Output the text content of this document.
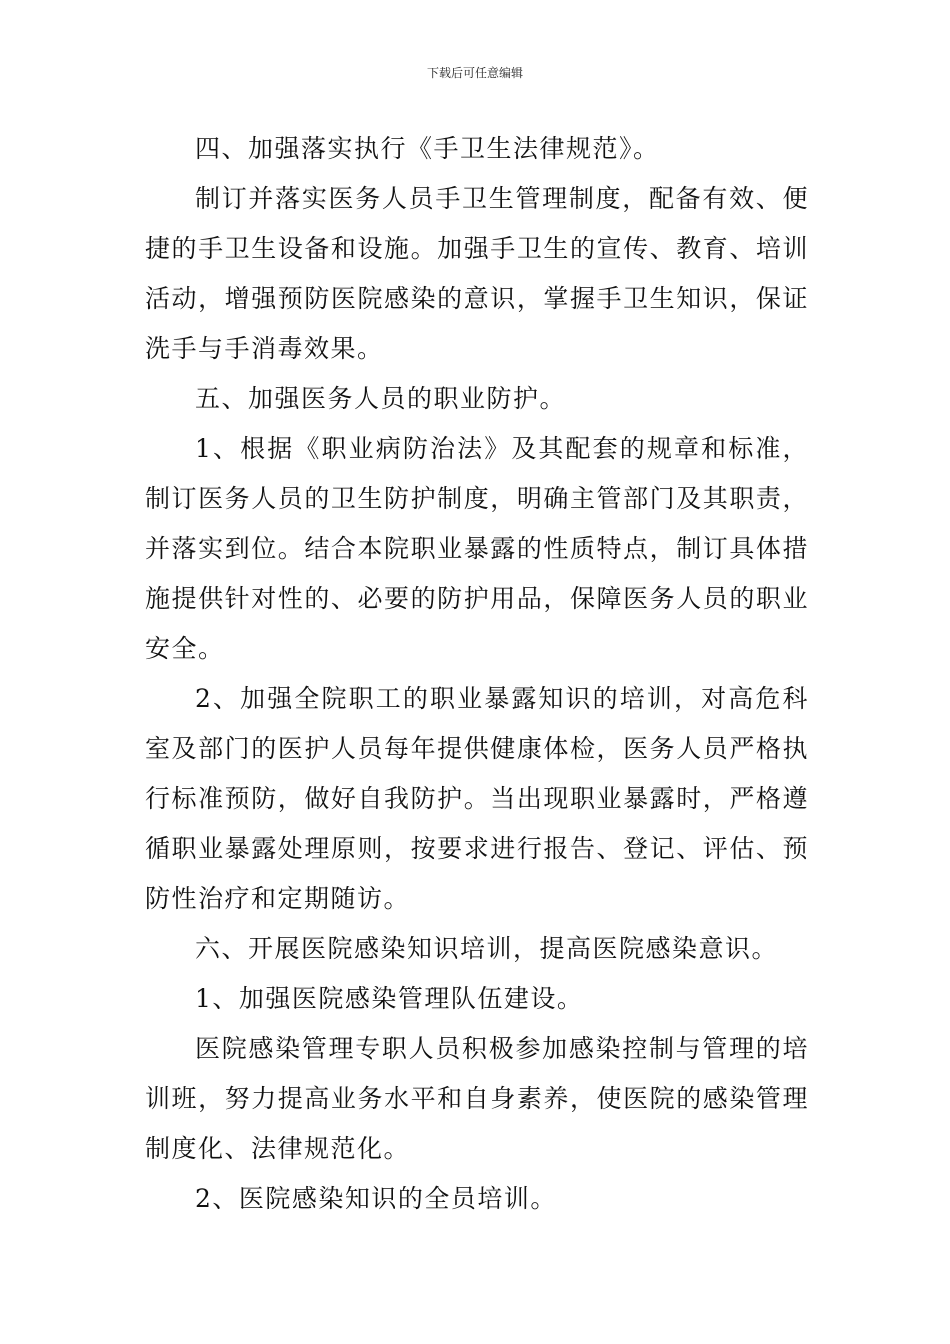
下载后可任意编辑

四、加强落实执行《手卫生法律规范》。

制订并落实医务人员手卫生管理制度，配备有效、便捷的手卫生设备和设施。加强手卫生的宣传、教育、培训活动，增强预防医院感染的意识，掌握手卫生知识，保证洗手与手消毒效果。

五、加强医务人员的职业防护。

1、根据《职业病防治法》及其配套的规章和标准，制订医务人员的卫生防护制度，明确主管部门及其职责，并落实到位。结合本院职业暴露的性质特点，制订具体措施提供针对性的、必要的防护用品，保障医务人员的职业安全。

2、加强全院职工的职业暴露知识的培训，对高危科室及部门的医护人员每年提供健康体检，医务人员严格执行标准预防，做好自我防护。当出现职业暴露时，严格遵循职业暴露处理原则，按要求进行报告、登记、评估、预防性治疗和定期随访。

六、开展医院感染知识培训，提高医院感染意识。

1、加强医院感染管理队伍建设。

医院感染管理专职人员积极参加感染控制与管理的培训班，努力提高业务水平和自身素养，使医院的感染管理制度化、法律规范化。

2、医院感染知识的全员培训。
